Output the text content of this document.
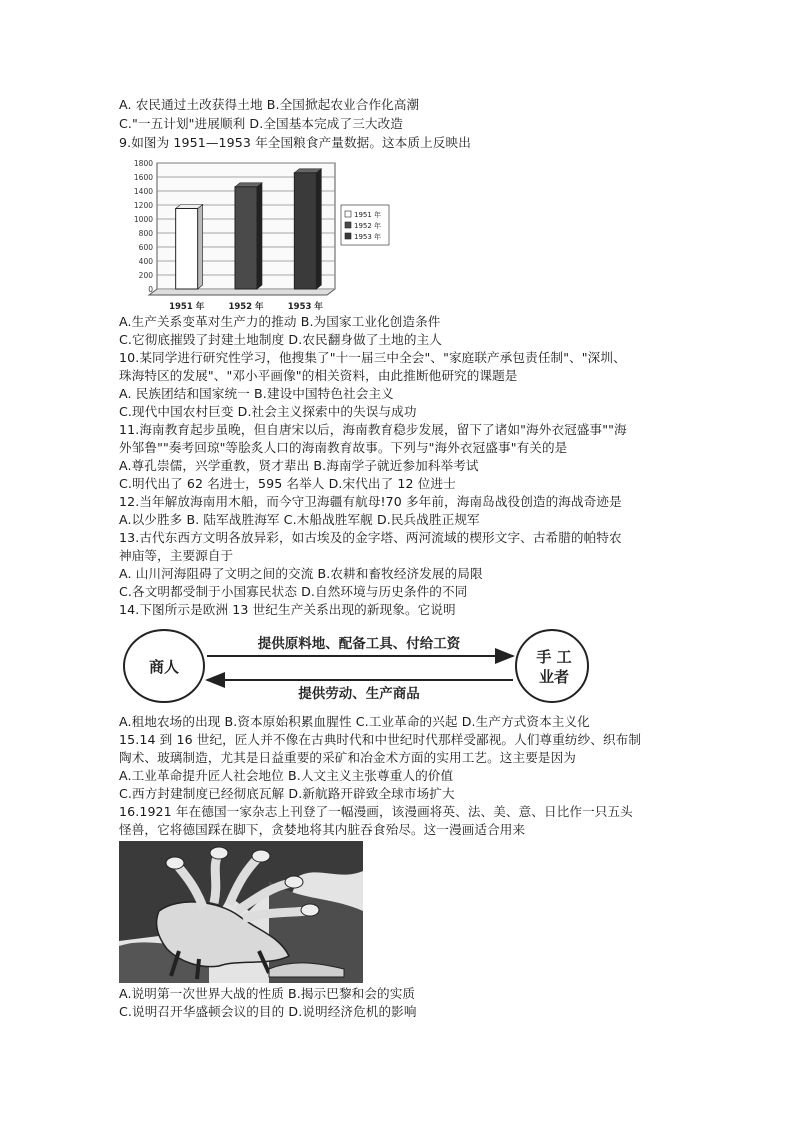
A. 农民通过土改获得土地 B.全国掀起农业合作化高潮
C."一五计划"进展顺利 D.全国基本完成了三大改造
9.如图为 1951—1953 年全国粮食产量数据。这本质上反映出
0
200
400
600
800
1000
1200
1400
1600
1800
1951 年	1952 年	1953 年
1951 年
1952 年
1953 年
A.生产关系变革对生产力的推动 B.为国家工业化创造条件
C.它彻底摧毁了封建土地制度 D.农民翻身做了土地的主人
10.某同学进行研究性学习，他搜集了"十一届三中全会"、"家庭联产承包责任制"、"深圳、
珠海特区的发展"、"邓小平画像"的相关资料，由此推断他研究的课题是
A. 民族团结和国家统一 B.建设中国特色社会主义
C.现代中国农村巨变 D.社会主义探索中的失误与成功
11.海南教育起步虽晚，但自唐宋以后，海南教育稳步发展，留下了诸如"海外衣冠盛事""海
外邹鲁""奏考回琼"等脍炙人口的海南教育故事。下列与"海外衣冠盛事"有关的是
A.尊孔崇儒，兴学重教，贤才辈出 B.海南学子就近参加科举考试
C.明代出了 62 名进士，595 名举人 D.宋代出了 12 位进士
12.当年解放海南用木船，而今守卫海疆有航母!70 多年前，海南岛战役创造的海战奇迹是
A.以少胜多 B. 陆军战胜海军 C.木船战胜军舰 D.民兵战胜正规军
13.古代东西方文明各放异彩，如古埃及的金字塔、两河流域的楔形文字、古希腊的帕特农
神庙等，主要源自于
A. 山川河海阻碍了文明之间的交流 B.农耕和畜牧经济发展的局限
C.各文明都受制于小国寡民状态 D.自然环境与历史条件的不同
14.下图所示是欧洲 13 世纪生产关系出现的新现象。它说明
商人
手 工
业者
提供原料地、配备工具、付给工资
提供劳动、生产商品
A.租地农场的出现 B.资本原始积累血腥性 C.工业革命的兴起 D.生产方式资本主义化
15.14 到 16 世纪，匠人并不像在古典时代和中世纪时代那样受鄙视。人们尊重纺纱、织布制
陶术、玻璃制造，尤其是日益重要的采矿和冶金术方面的实用工艺。这主要是因为
A.工业革命提升匠人社会地位 B.人文主义主张尊重人的价值
C.西方封建制度已经彻底瓦解 D.新航路开辟致全球市场扩大
16.1921 年在德国一家杂志上刊登了一幅漫画，该漫画将英、法、美、意、日比作一只五头
怪兽，它将德国踩在脚下，贪婪地将其内脏吞食殆尽。这一漫画适合用来
A.说明第一次世界大战的性质 B.揭示巴黎和会的实质
C.说明召开华盛顿会议的目的 D.说明经济危机的影响
